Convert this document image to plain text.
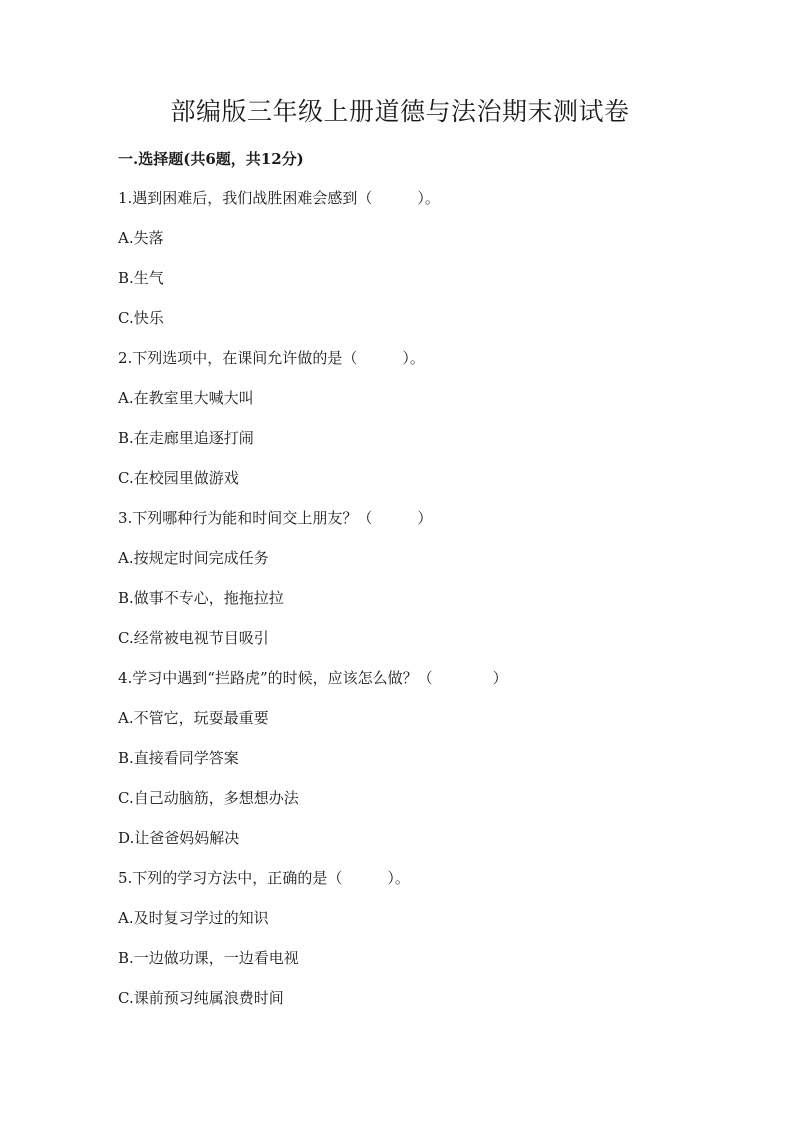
部编版三年级上册道德与法治期末测试卷
一.选择题(共6题，共12分)
1.遇到困难后，我们战胜困难会感到（　　　）。
A.失落
B.生气
C.快乐
2.下列选项中，在课间允许做的是（　　　）。
A.在教室里大喊大叫
B.在走廊里追逐打闹
C.在校园里做游戏
3.下列哪种行为能和时间交上朋友？（　　　）
A.按规定时间完成任务
B.做事不专心，拖拖拉拉
C.经常被电视节目吸引
4.学习中遇到“拦路虎”的时候，应该怎么做？（　　　　）
A.不管它，玩耍最重要
B.直接看同学答案
C.自己动脑筋，多想想办法
D.让爸爸妈妈解决
5.下列的学习方法中，正确的是（　　　）。
A.及时复习学过的知识
B.一边做功课，一边看电视
C.课前预习纯属浪费时间
